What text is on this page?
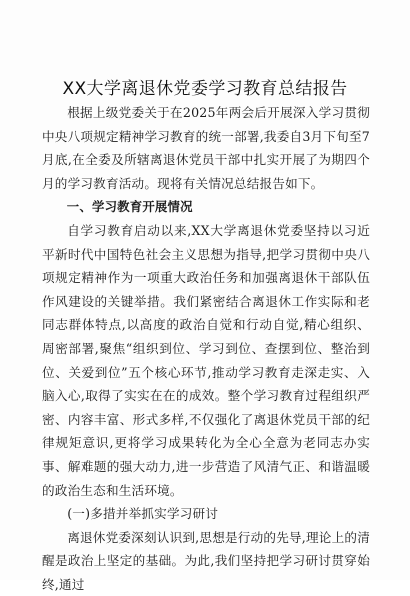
XX大学离退休党委学习教育总结报告

根据上级党委关于在2025年两会后开展深入学习贯彻中央八项规定精神学习教育的统一部署,我委自3月下旬至7月底,在全委及所辖离退休党员干部中扎实开展了为期四个月的学习教育活动。现将有关情况总结报告如下。

一、学习教育开展情况

自学习教育启动以来,XX大学离退休党委坚持以习近平新时代中国特色社会主义思想为指导,把学习贯彻中央八项规定精神作为一项重大政治任务和加强离退休干部队伍作风建设的关键举措。我们紧密结合离退休工作实际和老同志群体特点,以高度的政治自觉和行动自觉,精心组织、周密部署,聚焦“组织到位、学习到位、查摆到位、整治到位、关爱到位”五个核心环节,推动学习教育走深走实、入脑入心,取得了实实在在的成效。整个学习教育过程组织严密、内容丰富、形式多样,不仅强化了离退休党员干部的纪律规矩意识,更将学习成果转化为全心全意为老同志办实事、解难题的强大动力,进一步营造了风清气正、和谐温暖的政治生态和生活环境。

(一)多措并举抓实学习研讨

离退休党委深刻认识到,思想是行动的先导,理论上的清醒是政治上坚定的基础。为此,我们坚持把学习研讨贯穿始终,通过
